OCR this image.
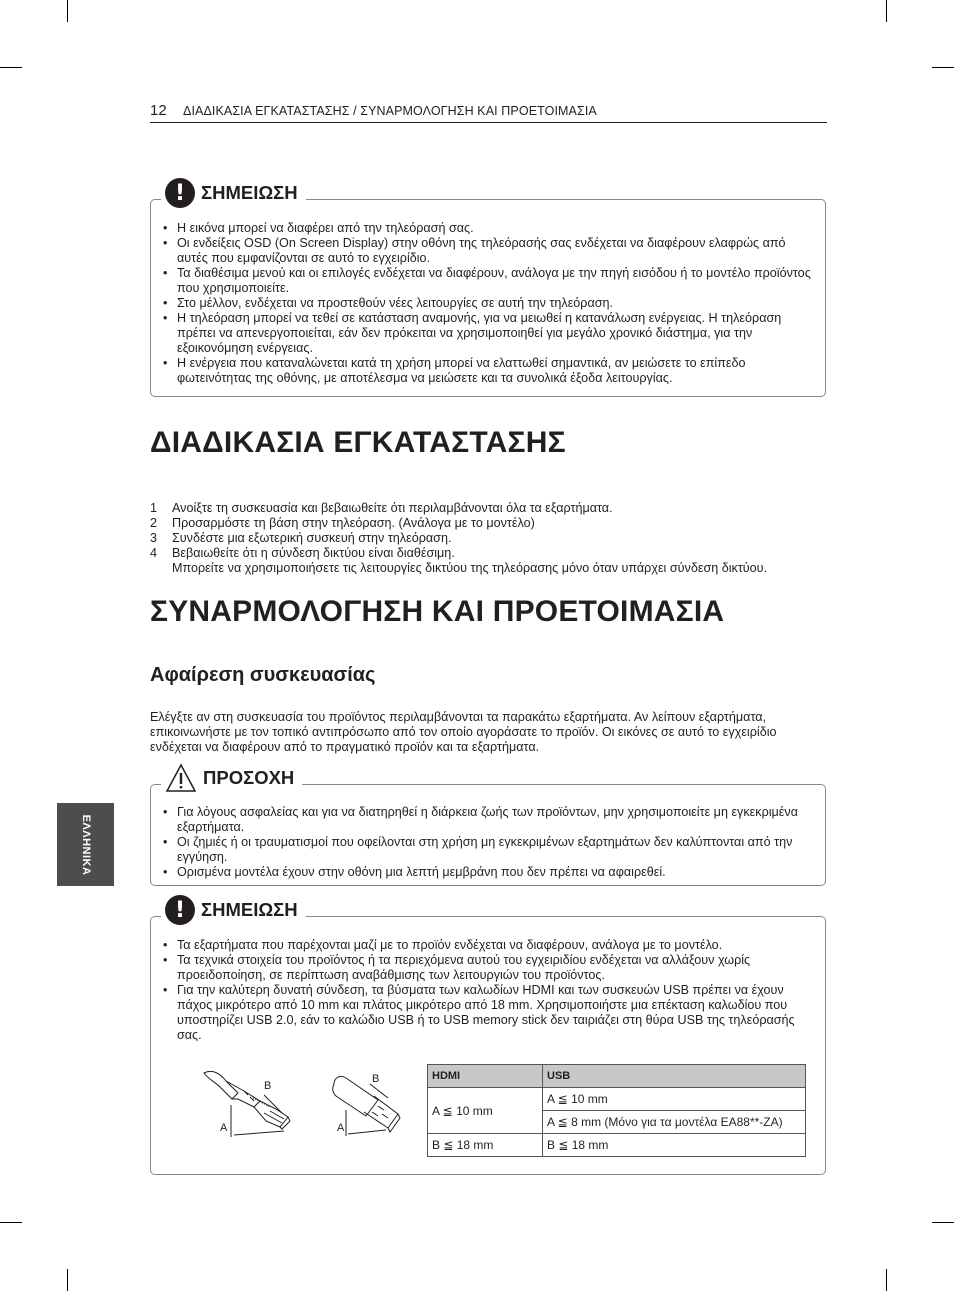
12 ΔΙΑΔΙΚΑΣΙΑ ΕΓΚΑΤΑΣΤΑΣΗΣ / ΣΥΝΑΡΜΟΛΟΓΗΣΗ ΚΑΙ ΠΡΟΕΤΟΙΜΑΣΙΑ
! ΣΗΜΕΙΩΣΗ
• Η εικόνα μπορεί να διαφέρει από την τηλεόρασή σας.
• Οι ενδείξεις OSD (On Screen Display) στην οθόνη της τηλεόρασής σας ενδέχεται να διαφέρουν ελαφρώς από αυτές που εμφανίζονται σε αυτό το εγχειρίδιο.
• Τα διαθέσιμα μενού και οι επιλογές ενδέχεται να διαφέρουν, ανάλογα με την πηγή εισόδου ή το μοντέλο προϊόντος που χρησιμοποιείτε.
• Στο μέλλον, ενδέχεται να προστεθούν νέες λειτουργίες σε αυτή την τηλεόραση.
• Η τηλεόραση μπορεί να τεθεί σε κατάσταση αναμονής, για να μειωθεί η κατανάλωση ενέργειας. Η τηλεόραση πρέπει να απενεργοποιείται, εάν δεν πρόκειται να χρησιμοποιηθεί για μεγάλο χρονικό διάστημα, για την εξοικονόμηση ενέργειας.
• Η ενέργεια που καταναλώνεται κατά τη χρήση μπορεί να ελαττωθεί σημαντικά, αν μειώσετε το επίπεδο φωτεινότητας της οθόνης, με αποτέλεσμα να μειώσετε και τα συνολικά έξοδα λειτουργίας.
ΔΙΑΔΙΚΑΣΙΑ ΕΓΚΑΤΑΣΤΑΣΗΣ
1 Ανοίξτε τη συσκευασία και βεβαιωθείτε ότι περιλαμβάνονται όλα τα εξαρτήματα.
2 Προσαρμόστε τη βάση στην τηλεόραση. (Ανάλογα με το μοντέλο)
3 Συνδέστε μια εξωτερική συσκευή στην τηλεόραση.
4 Βεβαιωθείτε ότι η σύνδεση δικτύου είναι διαθέσιμη.
Μπορείτε να χρησιμοποιήσετε τις λειτουργίες δικτύου της τηλεόρασης μόνο όταν υπάρχει σύνδεση δικτύου.
ΣΥΝΑΡΜΟΛΟΓΗΣΗ ΚΑΙ ΠΡΟΕΤΟΙΜΑΣΙΑ
Αφαίρεση συσκευασίας
Ελέγξτε αν στη συσκευασία του προϊόντος περιλαμβάνονται τα παρακάτω εξαρτήματα. Αν λείπουν εξαρτήματα, επικοινωνήστε με τον τοπικό αντιπρόσωπο από τον οποίο αγοράσατε το προϊόν. Οι εικόνες σε αυτό το εγχειρίδιο ενδέχεται να διαφέρουν από το πραγματικό προϊόν και τα εξαρτήματα.
ΠΡΟΣΟΧΗ
• Για λόγους ασφαλείας και για να διατηρηθεί η διάρκεια ζωής των προϊόντων, μην χρησιμοποιείτε μη εγκεκριμένα εξαρτήματα.
• Οι ζημιές ή οι τραυματισμοί που οφείλονται στη χρήση μη εγκεκριμένων εξαρτημάτων δεν καλύπτονται από την εγγύηση.
• Ορισμένα μοντέλα έχουν στην οθόνη μια λεπτή μεμβράνη που δεν πρέπει να αφαιρεθεί.
ΕΛΛΗΝΙΚΑ
! ΣΗΜΕΙΩΣΗ
• Τα εξαρτήματα που παρέχονται μαζί με το προϊόν ενδέχεται να διαφέρουν, ανάλογα με το μοντέλο.
• Τα τεχνικά στοιχεία του προϊόντος ή τα περιεχόμενα αυτού του εγχειριδίου ενδέχεται να αλλάξουν χωρίς προειδοποίηση, σε περίπτωση αναβάθμισης των λειτουργιών του προϊόντος.
• Για την καλύτερη δυνατή σύνδεση, τα βύσματα των καλωδίων HDMI και των συσκευών USB πρέπει να έχουν πάχος μικρότερο από 10 mm και πλάτος μικρότερο από 18 mm. Χρησιμοποιήστε μια επέκταση καλωδίου που υποστηρίζει USB 2.0, εάν το καλώδιο USB ή το USB memory stick δεν ταιριάζει στη θύρα USB της τηλεόρασής σας.
B
A
B
A
HDMI	USB
A ≦ 10 mm	A ≦ 10 mm
	A ≦ 8 mm (Μόνο για τα μοντέλα EA88**-ZA)
B ≦ 18 mm	B ≦ 18 mm
